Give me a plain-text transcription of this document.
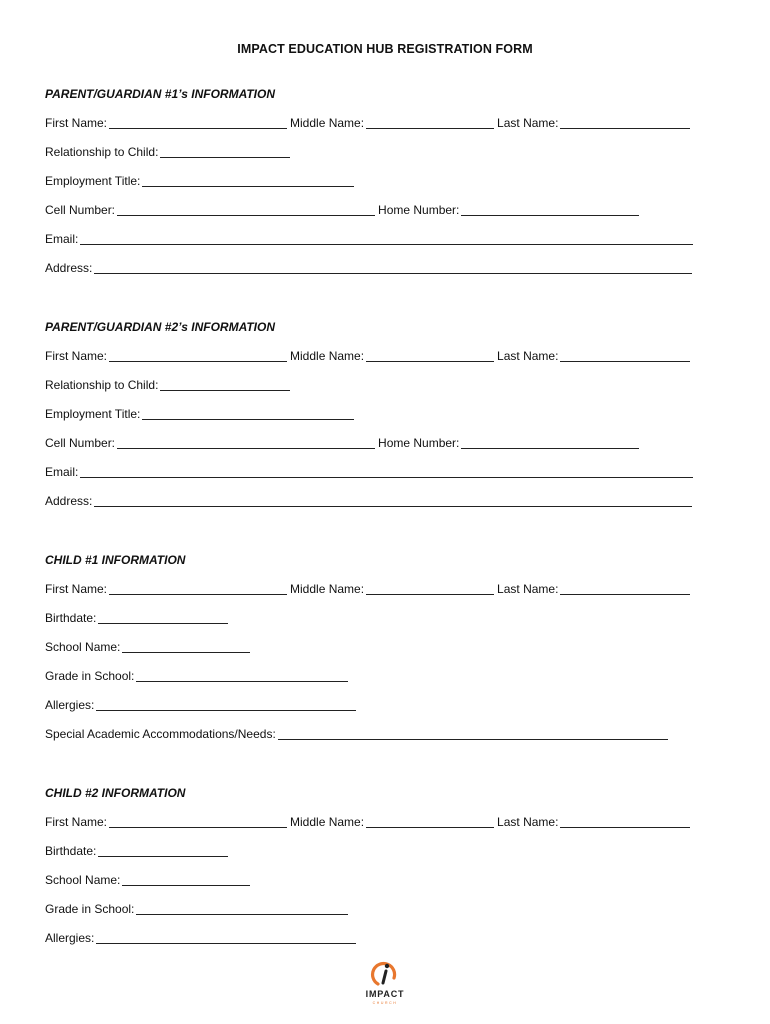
IMPACT EDUCATION HUB REGISTRATION FORM
PARENT/GUARDIAN #1’s INFORMATION
First Name:	Middle Name:	Last Name:
Relationship to Child:
Employment Title:
Cell Number:	Home Number:
Email:
Address:
PARENT/GUARDIAN #2’s INFORMATION
First Name:	Middle Name:	Last Name:
Relationship to Child:
Employment Title:
Cell Number:	Home Number:
Email:
Address:
CHILD #1 INFORMATION
First Name:	Middle Name:	Last Name:
Birthdate:
School Name:
Grade in School:
Allergies:
Special Academic Accommodations/Needs:
CHILD #2 INFORMATION
First Name:	Middle Name:	Last Name:
Birthdate:
School Name:
Grade in School:
Allergies:
IMPACT
CHURCH
